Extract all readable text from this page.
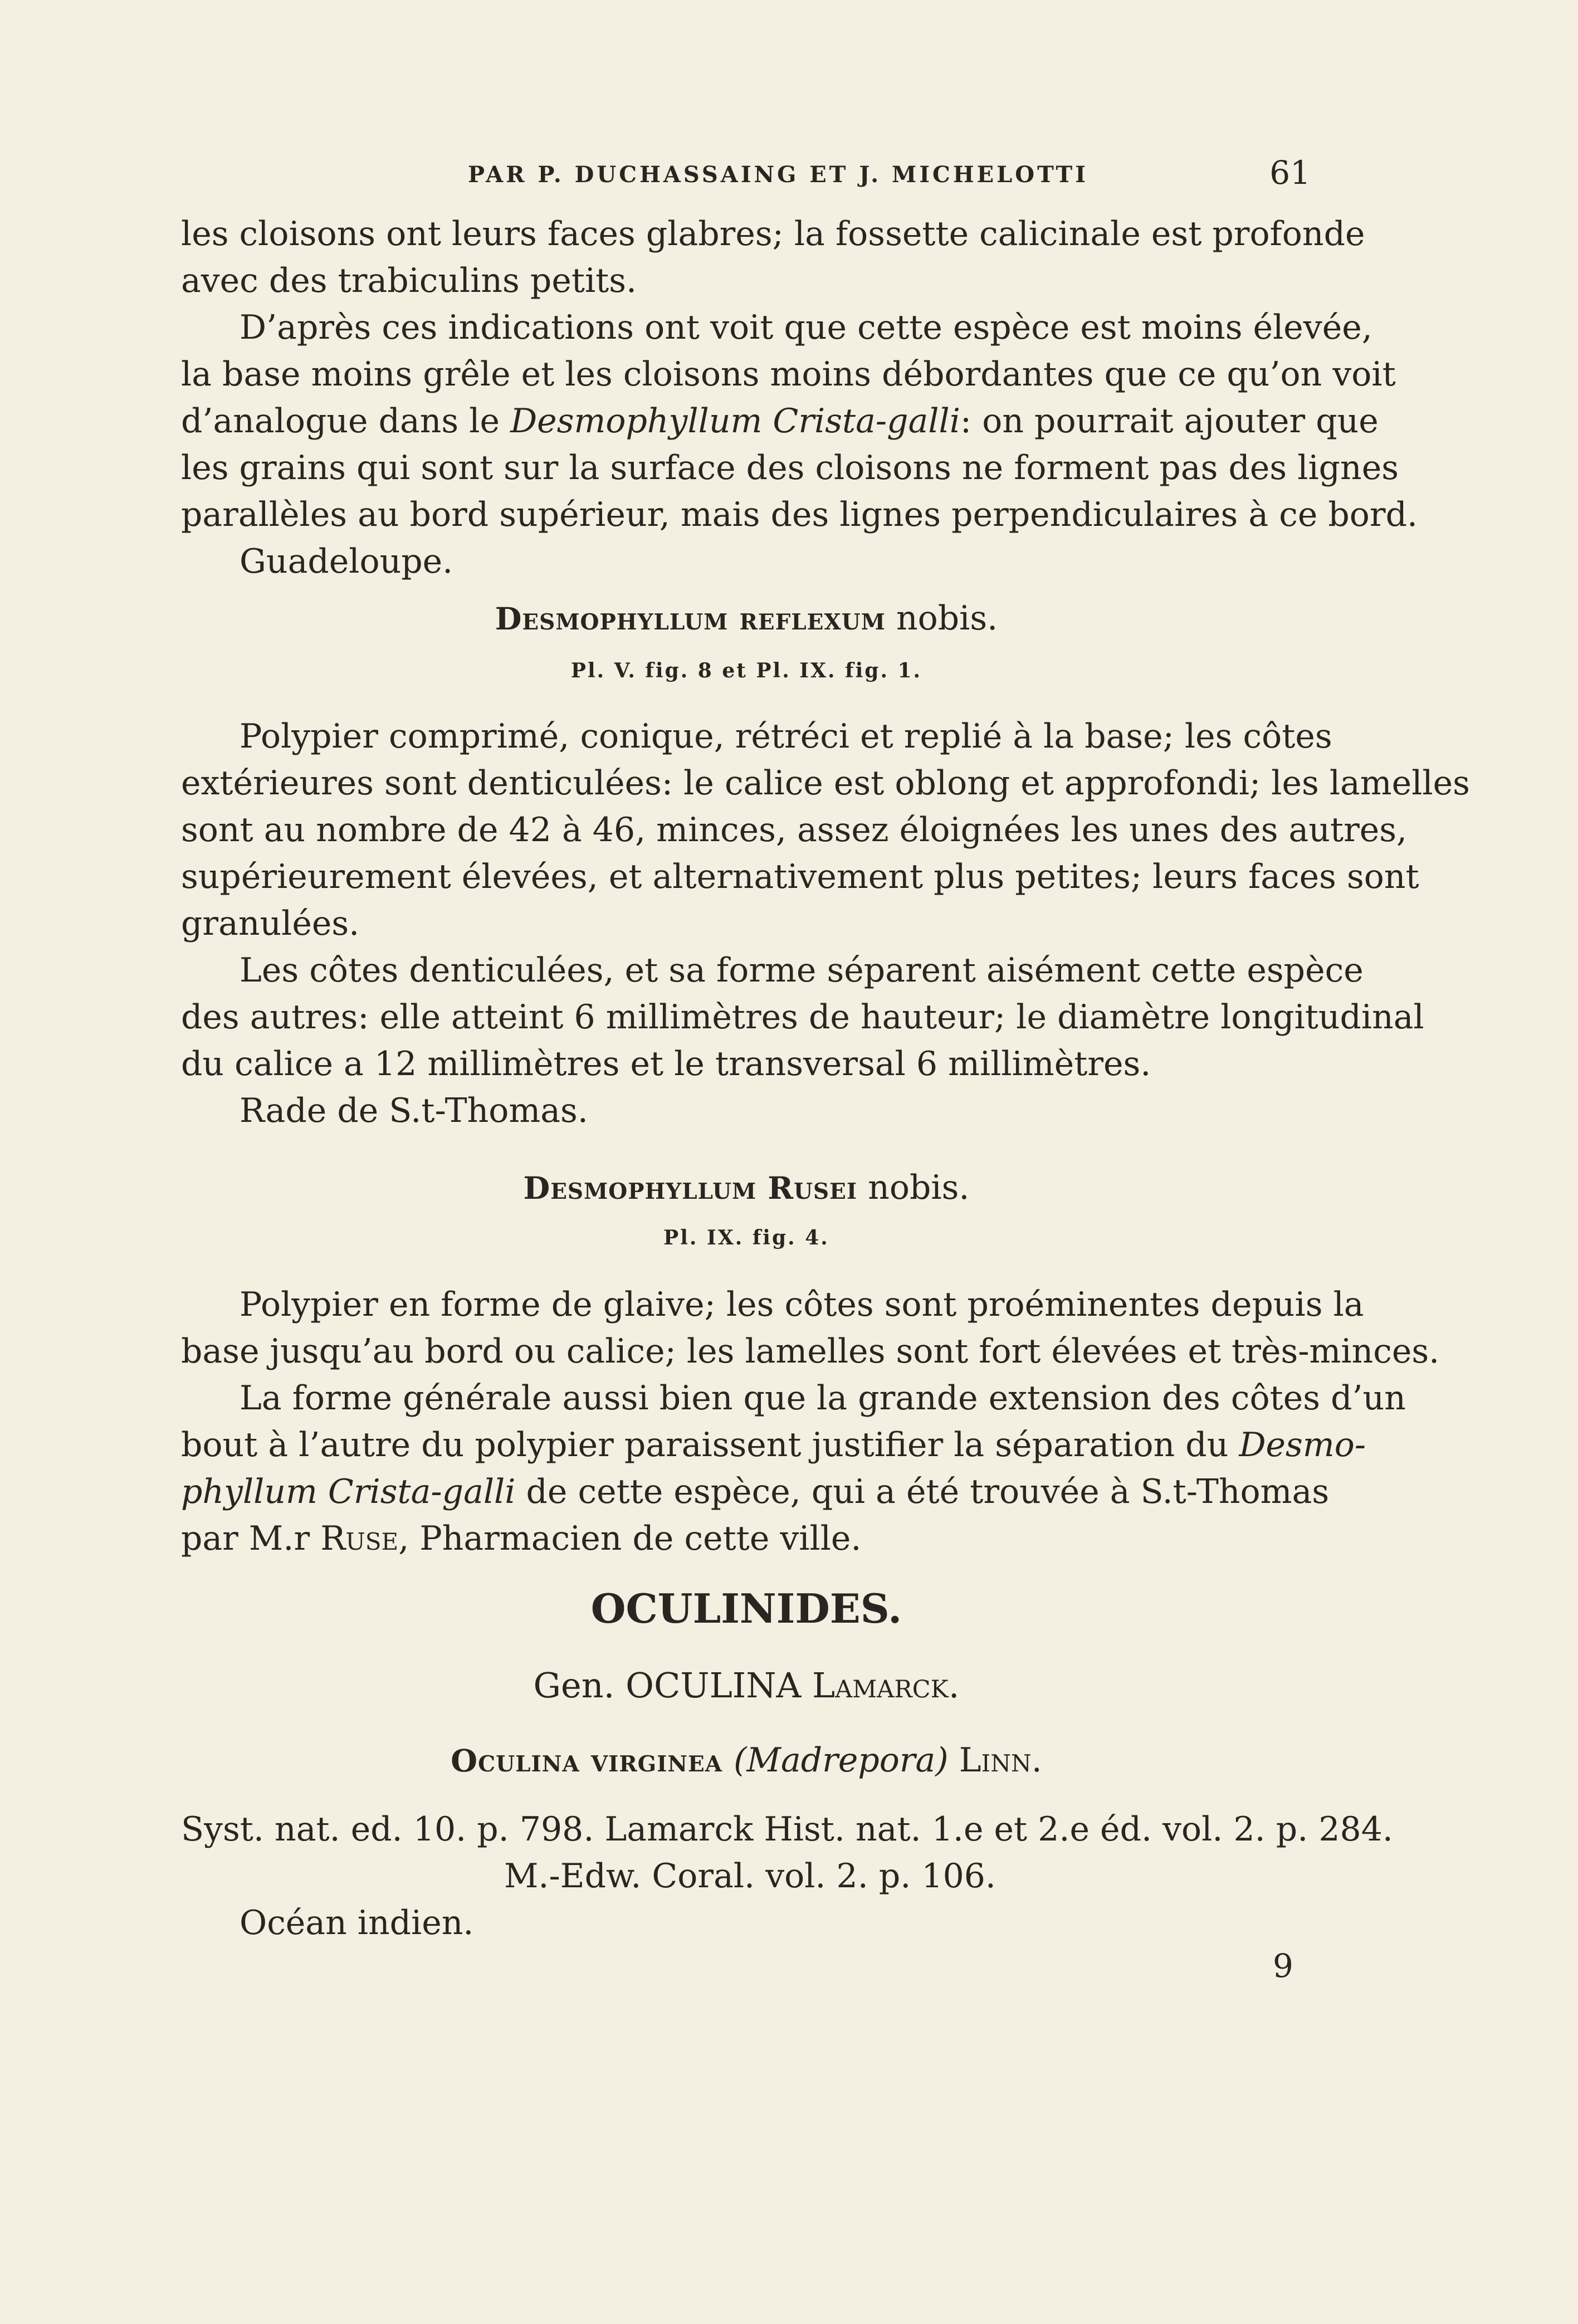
PAR P. DUCHASSAING ET J. MICHELOTTI	61
les cloisons ont leurs faces glabres; la fossette calicinale est profonde
avec des trabiculins petits.
D’après ces indications ont voit que cette espèce est moins élevée,
la base moins grêle et les cloisons moins débordantes que ce qu’on voit
d’analogue dans le Desmophyllum Crista-galli: on pourrait ajouter que
les grains qui sont sur la surface des cloisons ne forment pas des lignes
parallèles au bord supérieur, mais des lignes perpendiculaires à ce bord.
Guadeloupe.
Desmophyllum reflexum nobis.
Pl. V. fig. 8 et Pl. IX. fig. 1.
Polypier comprimé, conique, rétréci et replié à la base; les côtes
extérieures sont denticulées: le calice est oblong et approfondi; les lamelles
sont au nombre de 42 à 46, minces, assez éloignées les unes des autres,
supérieurement élevées, et alternativement plus petites; leurs faces sont
granulées.
Les côtes denticulées, et sa forme séparent aisément cette espèce
des autres: elle atteint 6 millimètres de hauteur; le diamètre longitudinal
du calice a 12 millimètres et le transversal 6 millimètres.
Rade de S.t-Thomas.
Desmophyllum Rusei nobis.
Pl. IX. fig. 4.
Polypier en forme de glaive; les côtes sont proéminentes depuis la
base jusqu’au bord ou calice; les lamelles sont fort élevées et très-minces.
La forme générale aussi bien que la grande extension des côtes d’un
bout à l’autre du polypier paraissent justifier la séparation du Desmo-
phyllum Crista-galli de cette espèce, qui a été trouvée à S.t-Thomas
par M.r Ruse, Pharmacien de cette ville.
OCULINIDES.
Gen. OCULINA Lamarck.
Oculina virginea (Madrepora) Linn.
Syst. nat. ed. 10. p. 798. Lamarck Hist. nat. 1.e et 2.e éd. vol. 2. p. 284.
M.-Edw. Coral. vol. 2. p. 106.
Océan indien.
9
